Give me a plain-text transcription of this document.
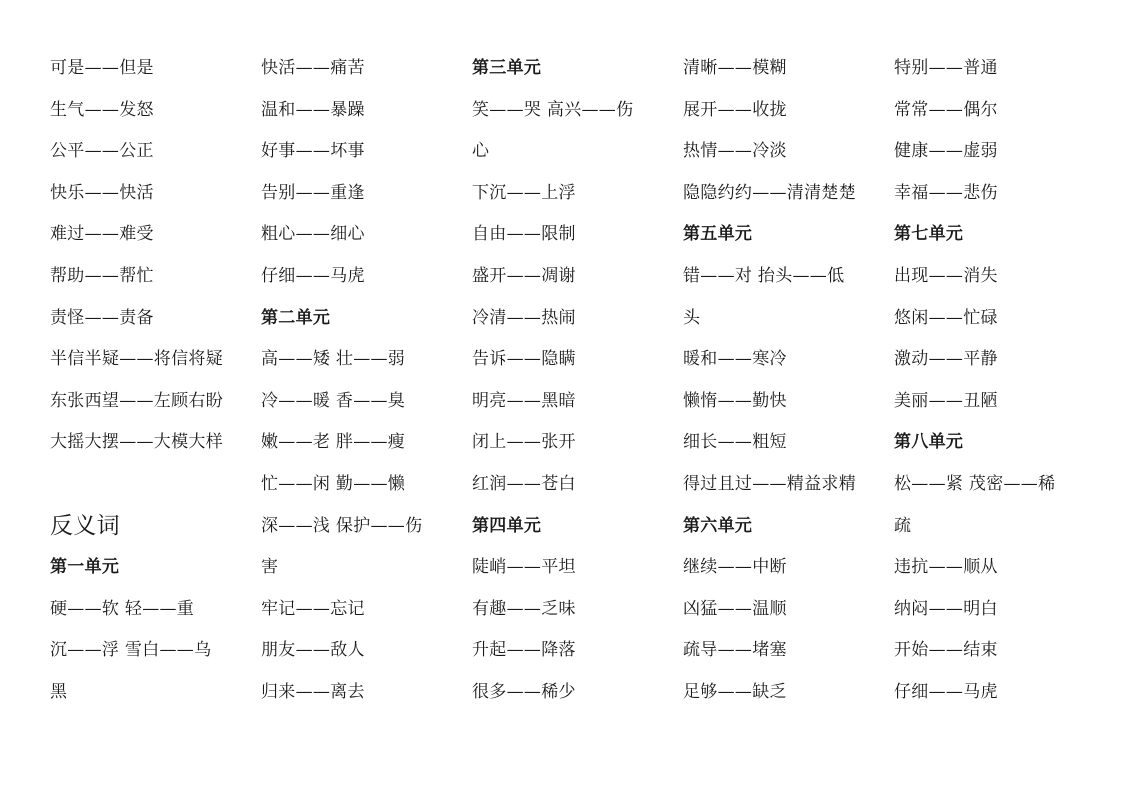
可是——但是
生气——发怒
公平——公正
快乐——快活
难过——难受
帮助——帮忙
责怪——责备
半信半疑——将信将疑
东张西望——左顾右盼
大摇大摆——大模大样
反义词
第一单元
硬——软 轻——重
沉——浮 雪白——乌
黑
快活——痛苦
温和——暴躁
好事——坏事
告别——重逢
粗心——细心
仔细——马虎
第二单元
高——矮 壮——弱
冷——暖 香——臭
嫩——老 胖——瘦
忙——闲 勤——懒
深——浅 保护——伤
害
牢记——忘记
朋友——敌人
归来——离去
第三单元
笑——哭 高兴——伤
心
下沉——上浮
自由——限制
盛开——凋谢
冷清——热闹
告诉——隐瞒
明亮——黑暗
闭上——张开
红润——苍白
第四单元
陡峭——平坦
有趣——乏味
升起——降落
很多——稀少
清晰——模糊
展开——收拢
热情——冷淡
隐隐约约——清清楚楚
第五单元
错——对 抬头——低
头
暖和——寒冷
懒惰——勤快
细长——粗短
得过且过——精益求精
第六单元
继续——中断
凶猛——温顺
疏导——堵塞
足够——缺乏
特别——普通
常常——偶尔
健康——虚弱
幸福——悲伤
第七单元
出现——消失
悠闲——忙碌
激动——平静
美丽——丑陋
第八单元
松——紧 茂密——稀
疏
违抗——顺从
纳闷——明白
开始——结束
仔细——马虎
